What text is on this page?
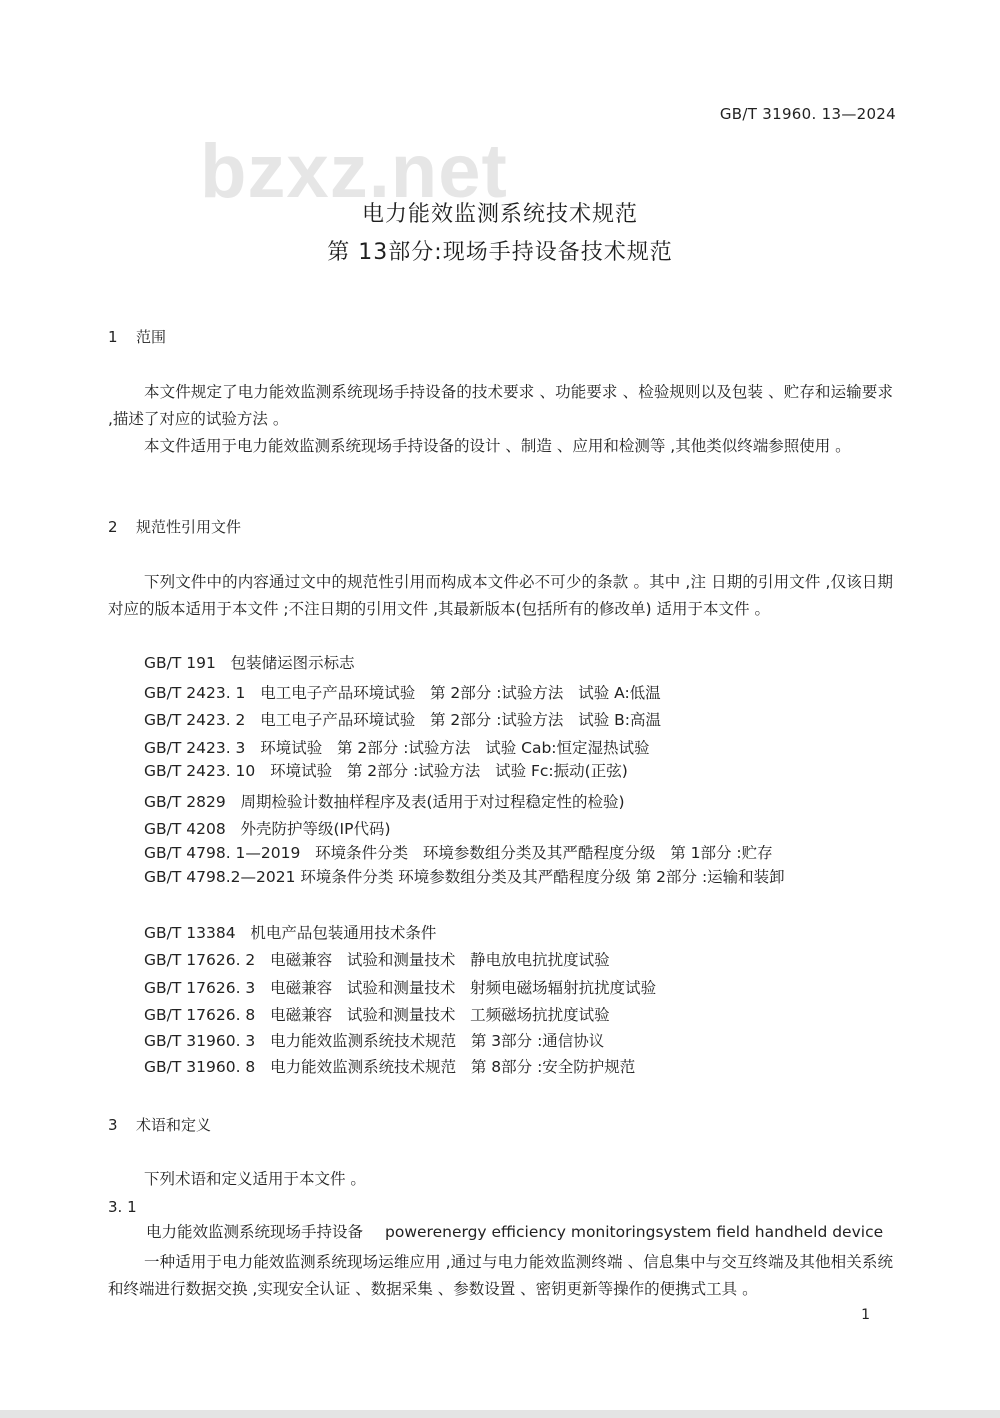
GB/T 31960. 13—2024
bzxz.net
电力能效监测系统技术规范
第 13部分:现场手持设备技术规范
1 范围

本文件规定了电力能效监测系统现场手持设备的技术要求 、功能要求 、检验规则以及包装 、贮存和运输要求 ,描述了对应的试验方法 。

本文件适用于电力能效监测系统现场手持设备的设计 、制造 、应用和检测等 ,其他类似终端参照使用 。

2 规范性引用文件

下列文件中的内容通过文中的规范性引用而构成本文件必不可少的条款 。其中 ,注 日期的引用文件 ,仅该日期对应的版本适用于本文件 ;不注日期的引用文件 ,其最新版本(包括所有的修改单) 适用于本文件 。

GB/T 191   包装储运图示标志
GB/T 2423. 1   电工电子产品环境试验   第 2部分 :试验方法   试验 A:低温
GB/T 2423. 2   电工电子产品环境试验   第 2部分 :试验方法   试验 B:高温
GB/T 2423. 3   环境试验   第 2部分 :试验方法   试验 Cab:恒定湿热试验
GB/T 2423. 10   环境试验   第 2部分 :试验方法   试验 Fc:振动(正弦)
GB/T 2829   周期检验计数抽样程序及表(适用于对过程稳定性的检验)
GB/T 4208   外壳防护等级(IP代码)
GB/T 4798. 1—2019   环境条件分类   环境参数组分类及其严酷程度分级   第 1部分 :贮存

GB/T 4798.2—2021 环境条件分类 环境参数组分类及其严酷程度分级 第 2部分 :运输和装卸

GB/T 13384   机电产品包装通用技术条件
GB/T 17626. 2   电磁兼容   试验和测量技术   静电放电抗扰度试验
GB/T 17626. 3   电磁兼容   试验和测量技术   射频电磁场辐射抗扰度试验
GB/T 17626. 8   电磁兼容   试验和测量技术   工频磁场抗扰度试验
GB/T 31960. 3   电力能效监测系统技术规范   第 3部分 :通信协议
GB/T 31960. 8   电力能效监测系统技术规范   第 8部分 :安全防护规范
3 术语和定义

下列术语和定义适用于本文件 。

3. 1
电力能效监测系统现场手持设备 powerenergy efficiency monitoringsystem field handheld device

一种适用于电力能效监测系统现场运维应用 ,通过与电力能效监测终端 、信息集中与交互终端及其他相关系统和终端进行数据交换 ,实现安全认证 、数据采集 、参数设置 、密钥更新等操作的便携式工具 。

1
